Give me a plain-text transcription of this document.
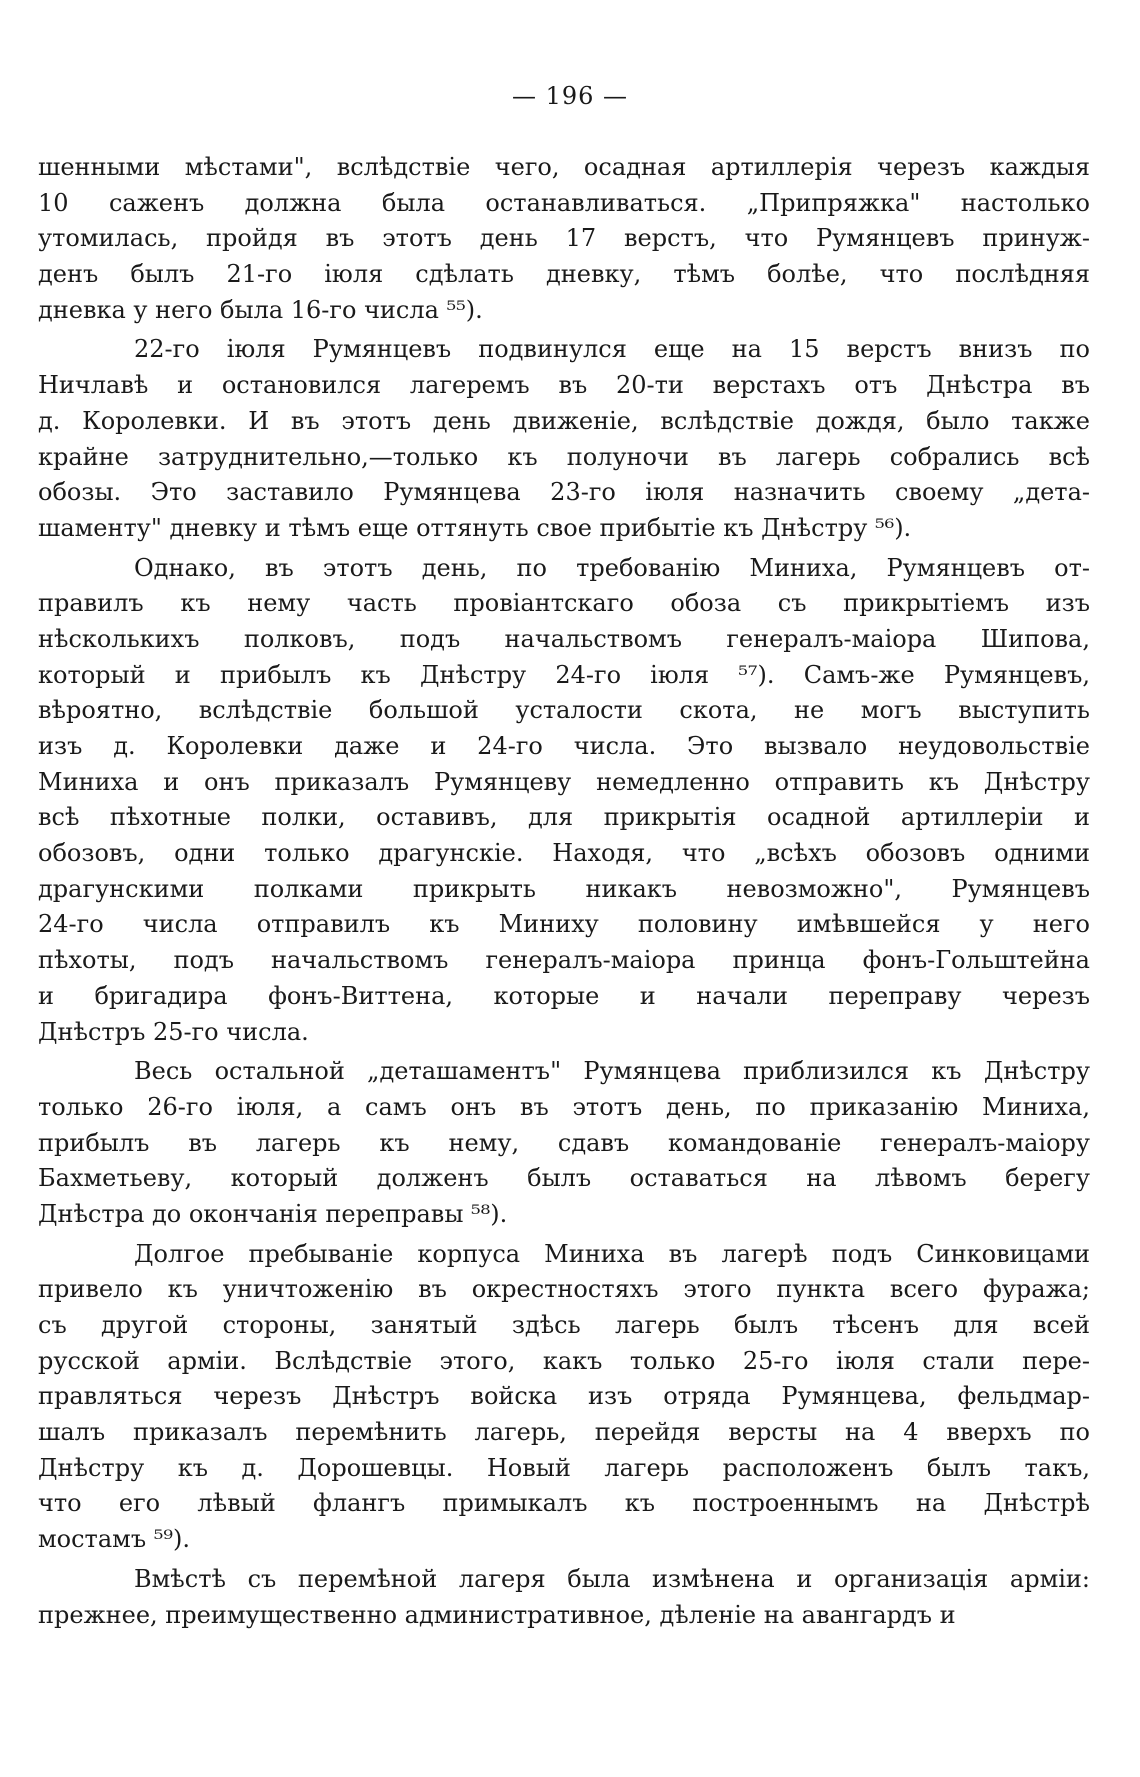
— 196 —
шенными мѣстами", вслѣдствіе чего, осадная артиллерія черезъ каждыя
10 саженъ должна была останавливаться. „Припряжка" настолько
утомилась, пройдя въ этотъ день 17 верстъ, что Румянцевъ принуж-
денъ былъ 21-го іюля сдѣлать дневку, тѣмъ болѣе, что послѣдняя
дневка у него была 16-го числа ⁵⁵).
22-го іюля Румянцевъ подвинулся еще на 15 верстъ внизъ по
Ничлавѣ и остановился лагеремъ въ 20-ти верстахъ отъ Днѣстра въ
д. Королевки. И въ этотъ день движеніе, вслѣдствіе дождя, было также
крайне затруднительно,—только къ полуночи въ лагерь собрались всѣ
обозы. Это заставило Румянцева 23-го іюля назначить своему „дета-
шаменту" дневку и тѣмъ еще оттянуть свое прибытіе къ Днѣстру ⁵⁶).
Однако, въ этотъ день, по требованію Миниха, Румянцевъ от-
правилъ къ нему часть провіантскаго обоза съ прикрытіемъ изъ
нѣсколькихъ полковъ, подъ начальствомъ генералъ-маіора Шипова,
который и прибылъ къ Днѣстру 24-го іюля ⁵⁷). Самъ-же Румянцевъ,
вѣроятно, вслѣдствіе большой усталости скота, не могъ выступить
изъ д. Королевки даже и 24-го числа. Это вызвало неудовольствіе
Миниха и онъ приказалъ Румянцеву немедленно отправить къ Днѣстру
всѣ пѣхотные полки, оставивъ, для прикрытія осадной артиллеріи и
обозовъ, одни только драгунскіе. Находя, что „всѣхъ обозовъ одними
драгунскими полками прикрыть никакъ невозможно", Румянцевъ
24-го числа отправилъ къ Миниху половину имѣвшейся у него
пѣхоты, подъ начальствомъ генералъ-маіора принца фонъ-Гольштейна
и бригадира фонъ-Виттена, которые и начали переправу черезъ
Днѣстръ 25-го числа.
Весь остальной „деташаментъ" Румянцева приблизился къ Днѣстру
только 26-го іюля, а самъ онъ въ этотъ день, по приказанію Миниха,
прибылъ въ лагерь къ нему, сдавъ командованіе генералъ-маіору
Бахметьеву, который долженъ былъ оставаться на лѣвомъ берегу
Днѣстра до окончанія переправы ⁵⁸).
Долгое пребываніе корпуса Миниха въ лагерѣ подъ Синковицами
привело къ уничтоженію въ окрестностяхъ этого пункта всего фуража;
съ другой стороны, занятый здѣсь лагерь былъ тѣсенъ для всей
русской арміи. Вслѣдствіе этого, какъ только 25-го іюля стали пере-
правляться черезъ Днѣстръ войска изъ отряда Румянцева, фельдмар-
шалъ приказалъ перемѣнить лагерь, перейдя версты на 4 вверхъ по
Днѣстру къ д. Дорошевцы. Новый лагерь расположенъ былъ такъ,
что его лѣвый флангъ примыкалъ къ построеннымъ на Днѣстрѣ
мостамъ ⁵⁹).
Вмѣстѣ съ перемѣной лагеря была измѣнена и организація арміи:
прежнее, преимущественно административное, дѣленіе на авангардъ и
